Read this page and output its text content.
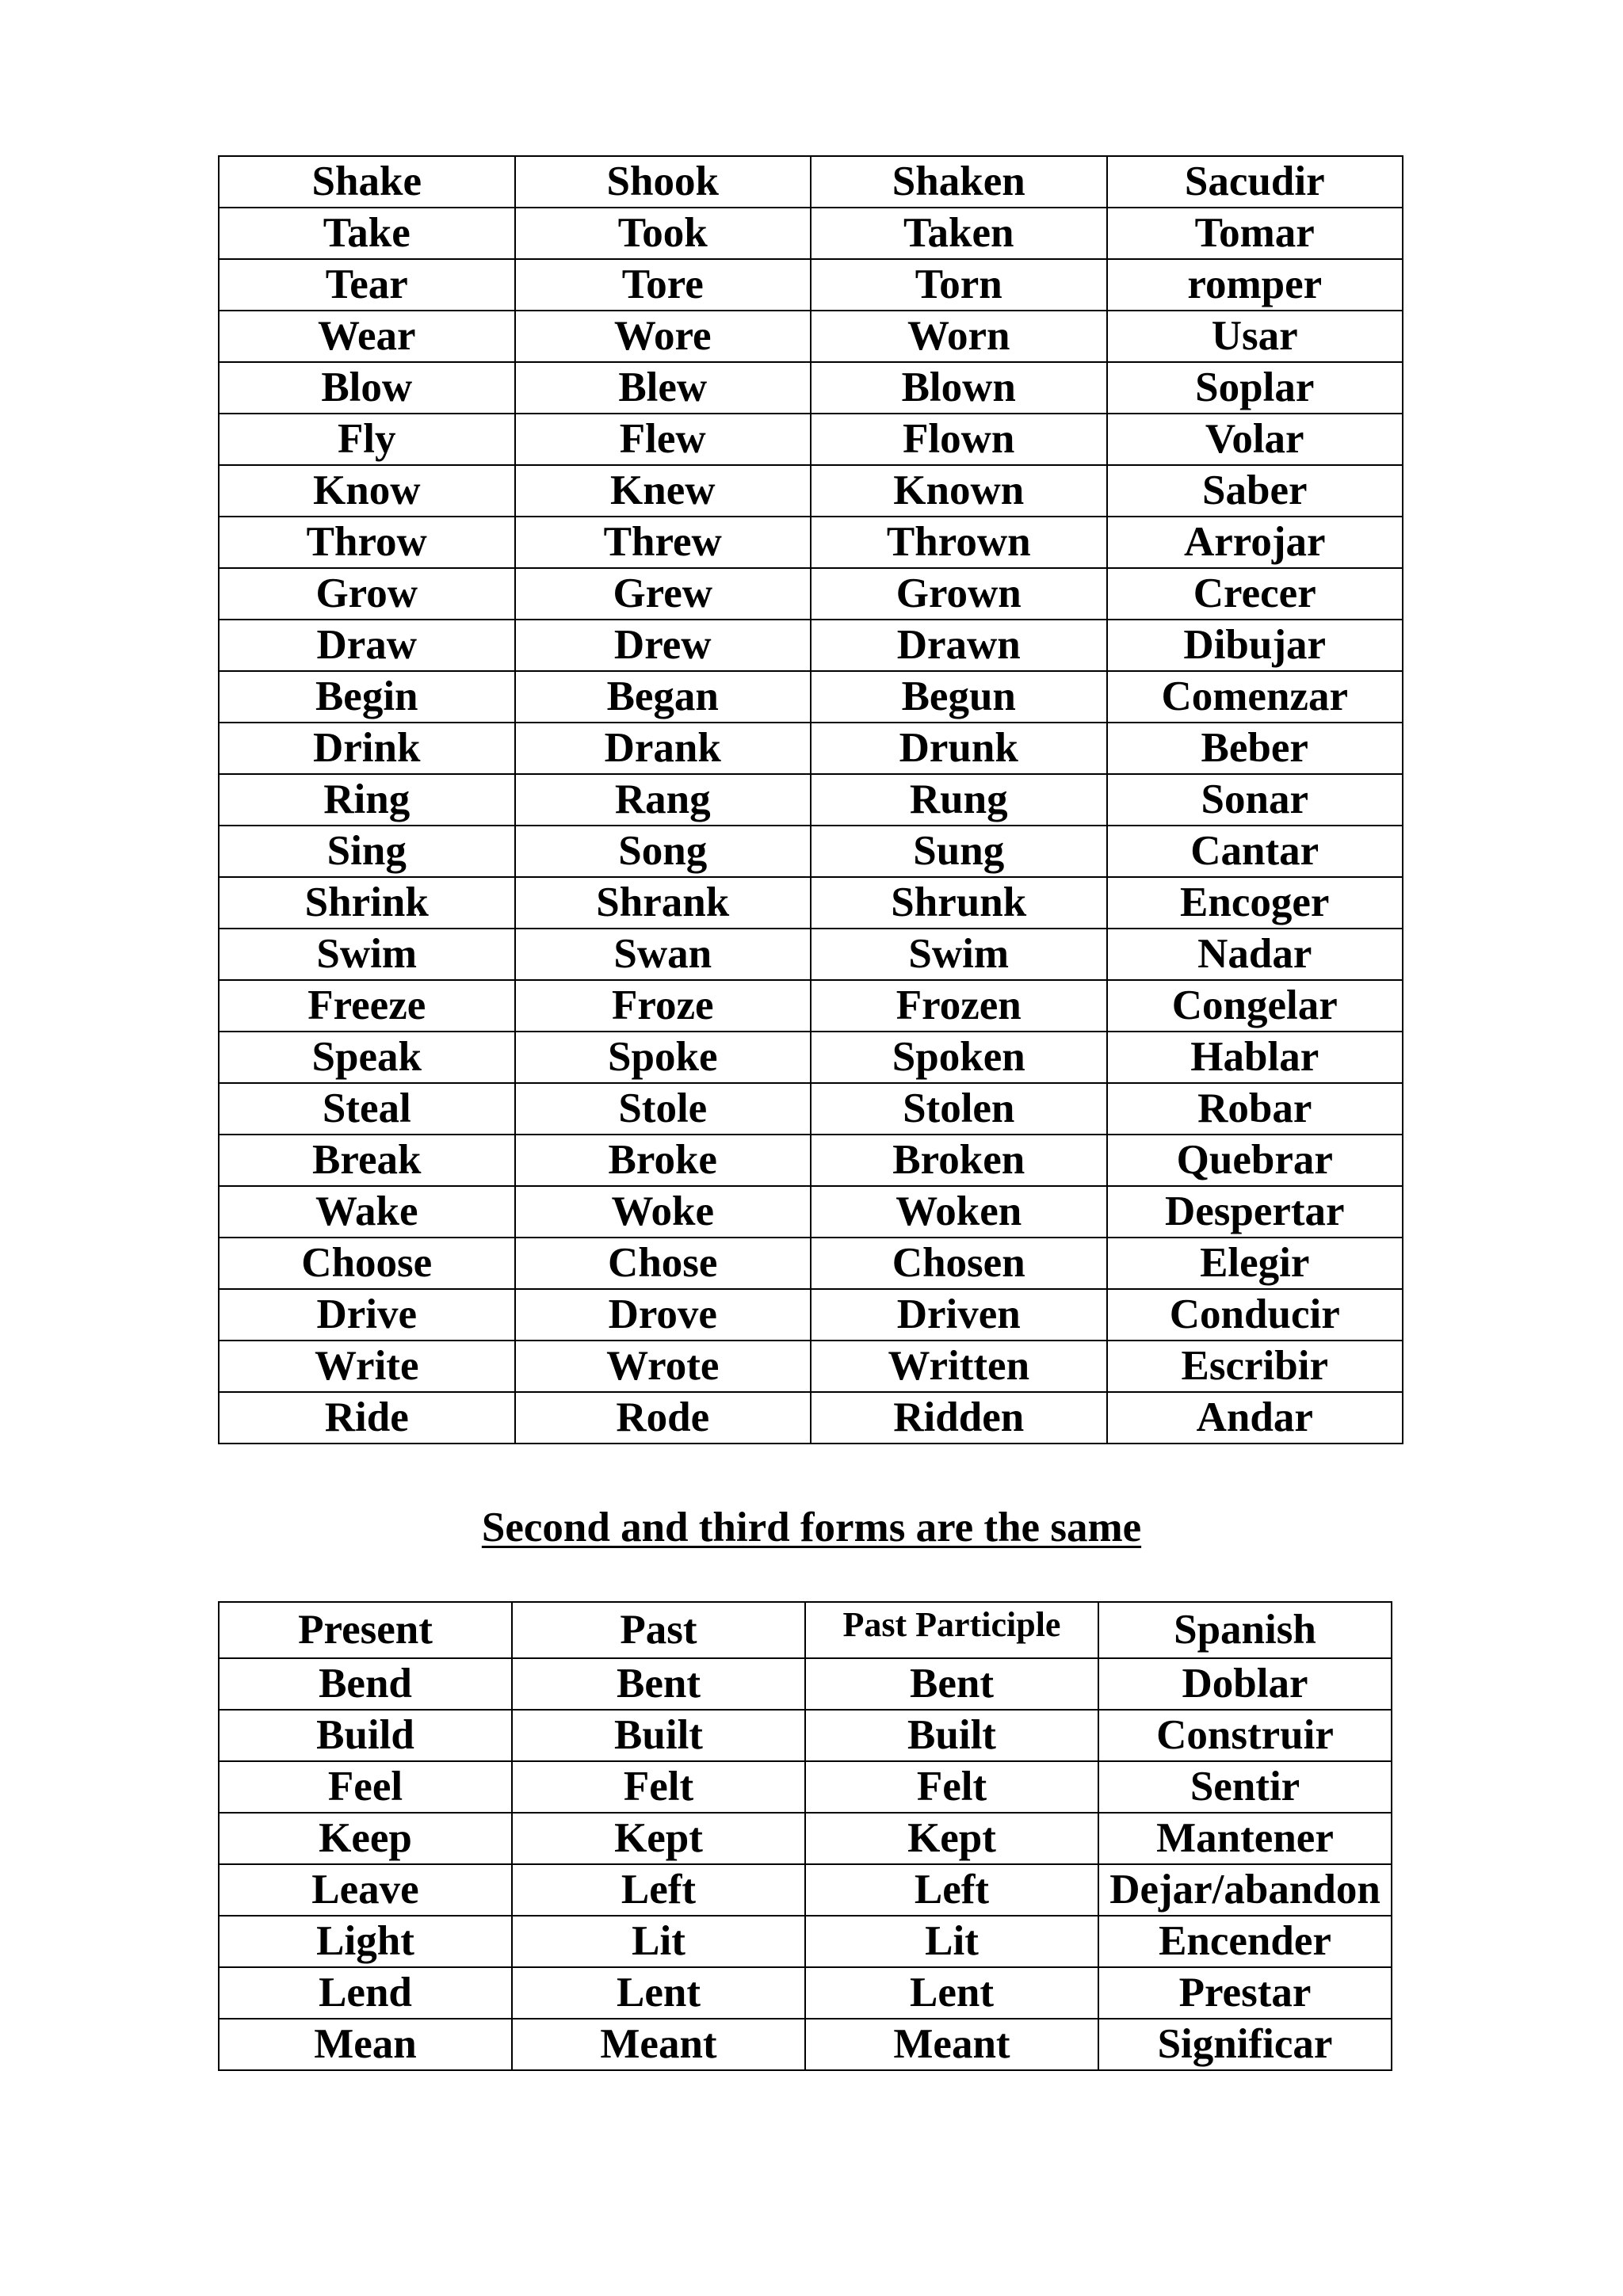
Shake	Shook	Shaken	Sacudir
Take	Took	Taken	Tomar
Tear	Tore	Torn	romper
Wear	Wore	Worn	Usar
Blow	Blew	Blown	Soplar
Fly	Flew	Flown	Volar
Know	Knew	Known	Saber
Throw	Threw	Thrown	Arrojar
Grow	Grew	Grown	Crecer
Draw	Drew	Drawn	Dibujar
Begin	Began	Begun	Comenzar
Drink	Drank	Drunk	Beber
Ring	Rang	Rung	Sonar
Sing	Song	Sung	Cantar
Shrink	Shrank	Shrunk	Encoger
Swim	Swan	Swim	Nadar
Freeze	Froze	Frozen	Congelar
Speak	Spoke	Spoken	Hablar
Steal	Stole	Stolen	Robar
Break	Broke	Broken	Quebrar
Wake	Woke	Woken	Despertar
Choose	Chose	Chosen	Elegir
Drive	Drove	Driven	Conducir
Write	Wrote	Written	Escribir
Ride	Rode	Ridden	Andar
Second and third forms are the same
Present	Past	Past Participle	Spanish
Bend	Bent	Bent	Doblar
Build	Built	Built	Construir
Feel	Felt	Felt	Sentir
Keep	Kept	Kept	Mantener
Leave	Left	Left	Dejar/abandon
Light	Lit	Lit	Encender
Lend	Lent	Lent	Prestar
Mean	Meant	Meant	Significar
